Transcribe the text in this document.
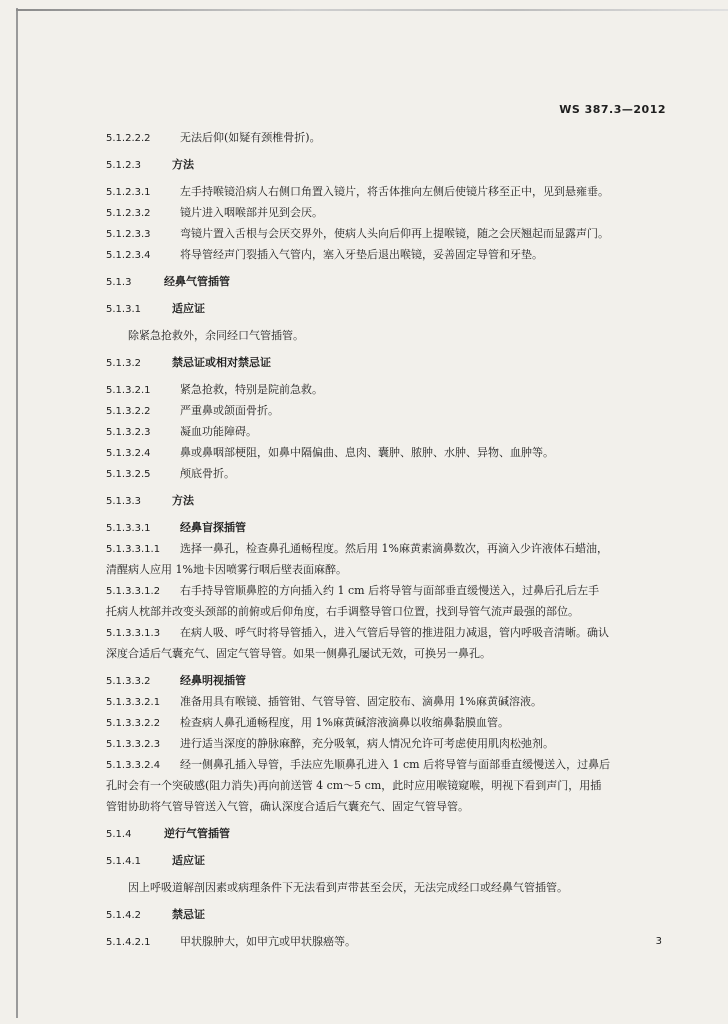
WS 387.3—2012
5.1.2.2.2	无法后仰(如疑有颈椎骨折)。
5.1.2.3	方法
5.1.2.3.1	左手持喉镜沿病人右侧口角置入镜片，将舌体推向左侧后使镜片移至正中，见到悬雍垂。
5.1.2.3.2	镜片进入咽喉部并见到会厌。
5.1.2.3.3	弯镜片置入舌根与会厌交界外，使病人头向后仰再上提喉镜，随之会厌翘起而显露声门。
5.1.2.3.4	将导管经声门裂插入气管内，塞入牙垫后退出喉镜，妥善固定导管和牙垫。
5.1.3	经鼻气管插管
5.1.3.1	适应证
除紧急抢救外，余同经口气管插管。
5.1.3.2	禁忌证或相对禁忌证
5.1.3.2.1	紧急抢救，特别是院前急救。
5.1.3.2.2	严重鼻或颌面骨折。
5.1.3.2.3	凝血功能障碍。
5.1.3.2.4	鼻或鼻咽部梗阻，如鼻中隔偏曲、息肉、囊肿、脓肿、水肿、异物、血肿等。
5.1.3.2.5	颅底骨折。
5.1.3.3	方法
5.1.3.3.1	经鼻盲探插管
5.1.3.3.1.1 选择一鼻孔，检查鼻孔通畅程度。然后用 1%麻黄素滴鼻数次，再滴入少许液体石蜡油，
清醒病人应用 1%地卡因喷雾行咽后壁表面麻醉。
5.1.3.3.1.2 右手持导管顺鼻腔的方向插入约 1 cm 后将导管与面部垂直缓慢送入，过鼻后孔后左手
托病人枕部并改变头颈部的前俯或后仰角度，右手调整导管口位置，找到导管气流声最强的部位。
5.1.3.3.1.3 在病人吸、呼气时将导管插入，进入气管后导管的推进阻力减退，管内呼吸音清晰。确认
深度合适后气囊充气、固定气管导管。如果一侧鼻孔屡试无效，可换另一鼻孔。
5.1.3.3.2	经鼻明视插管
5.1.3.3.2.1 准备用具有喉镜、插管钳、气管导管、固定胶布、滴鼻用 1%麻黄碱溶液。
5.1.3.3.2.2 检查病人鼻孔通畅程度，用 1%麻黄碱溶液滴鼻以收缩鼻黏膜血管。
5.1.3.3.2.3 进行适当深度的静脉麻醉，充分吸氧，病人情况允许可考虑使用肌肉松弛剂。
5.1.3.3.2.4 经一侧鼻孔插入导管，手法应先顺鼻孔进入 1 cm 后将导管与面部垂直缓慢送入，过鼻后
孔时会有一个突破感(阻力消失)再向前送管 4 cm～5 cm，此时应用喉镜窥喉，明视下看到声门，用插
管钳协助将气管导管送入气管，确认深度合适后气囊充气、固定气管导管。
5.1.4	逆行气管插管
5.1.4.1	适应证
因上呼吸道解剖因素或病理条件下无法看到声带甚至会厌，无法完成经口或经鼻气管插管。
5.1.4.2	禁忌证
5.1.4.2.1	甲状腺肿大，如甲亢或甲状腺癌等。	3
